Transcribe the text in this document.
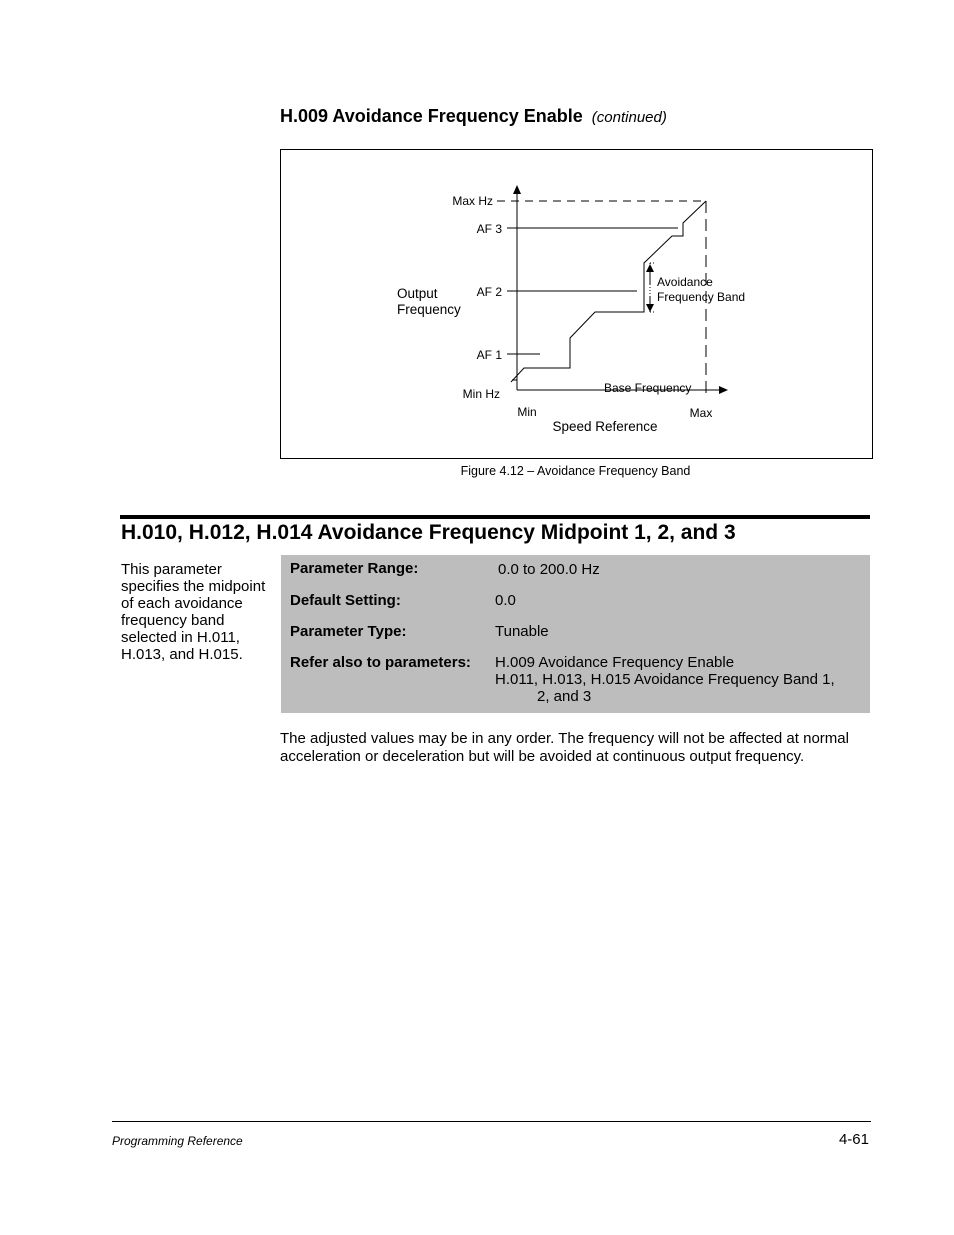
H.009 Avoidance Frequency Enable (continued)
Max Hz
AF 3
AF 2
AF 1
Min Hz
Output
Frequency
Min	Max
Speed Reference
Base Frequency
Avoidance
Frequency Band
Figure 4.12 – Avoidance Frequency Band
H.010, H.012, H.014 Avoidance Frequency Midpoint 1, 2, and 3
This parameter specifies the midpoint of each avoidance frequency band selected in H.011, H.013, and H.015.
Parameter Range:	0.0 to 200.0 Hz
Default Setting:	0.0
Parameter Type:	Tunable
Refer also to parameters: H.009 Avoidance Frequency Enable
H.011, H.013, H.015 Avoidance Frequency Band 1,
2, and 3
The adjusted values may be in any order. The frequency will not be affected at normal acceleration or deceleration but will be avoided at continuous output frequency.
Programming Reference	4-61
